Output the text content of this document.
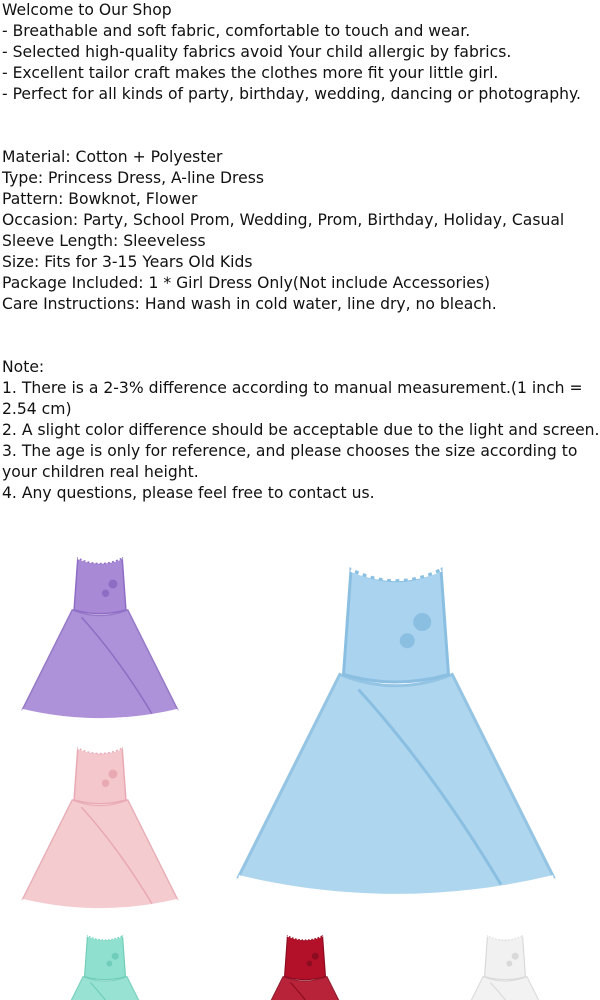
Welcome to Our Shop
- Breathable and soft fabric, comfortable to touch and wear.
- Selected high-quality fabrics avoid Your child allergic by fabrics.
- Excellent tailor craft makes the clothes more fit your little girl.
- Perfect for all kinds of party, birthday, wedding, dancing or photography.
Material: Cotton + Polyester
Type: Princess Dress, A-line Dress
Pattern: Bowknot, Flower
Occasion: Party, School Prom, Wedding, Prom, Birthday, Holiday, Casual
Sleeve Length: Sleeveless
Size: Fits for 3-15 Years Old Kids
Package Included: 1 * Girl Dress Only(Not include Accessories)
Care Instructions: Hand wash in cold water, line dry, no bleach.
Note:
1. There is a 2-3% difference according to manual measurement.(1 inch = 2.54 cm)
2. A slight color difference should be acceptable due to the light and screen.
3. The age is only for reference, and please chooses the size according to your children real height.
4. Any questions, please feel free to contact us.
